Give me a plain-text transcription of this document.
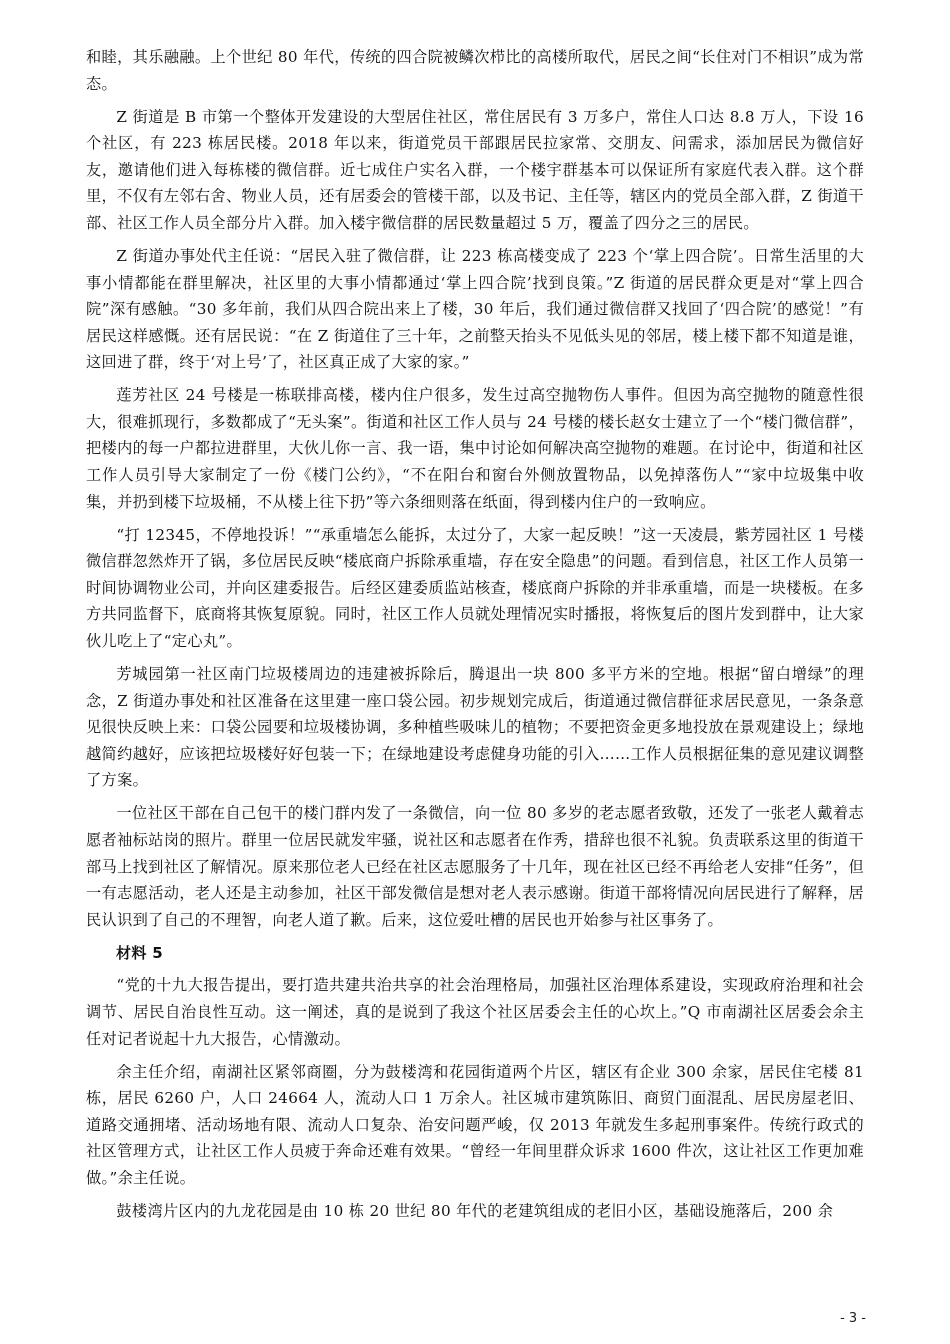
和睦，其乐融融。上个世纪 80 年代，传统的四合院被鳞次栉比的高楼所取代，居民之间“长住对门不相识”成为常态。

Z 街道是 B 市第一个整体开发建设的大型居住社区，常住居民有 3 万多户，常住人口达 8.8 万人，下设 16 个社区，有 223 栋居民楼。2018 年以来，街道党员干部跟居民拉家常、交朋友、问需求，添加居民为微信好友，邀请他们进入每栋楼的微信群。近七成住户实名入群，一个楼宇群基本可以保证所有家庭代表入群。这个群里，不仅有左邻右舍、物业人员，还有居委会的管楼干部，以及书记、主任等，辖区内的党员全部入群，Z 街道干部、社区工作人员全部分片入群。加入楼宇微信群的居民数量超过 5 万，覆盖了四分之三的居民。

Z 街道办事处代主任说：“居民入驻了微信群，让 223 栋高楼变成了 223 个‘掌上四合院’。日常生活里的大事小情都能在群里解决，社区里的大事小情都通过‘掌上四合院’找到良策。”Z 街道的居民群众更是对“掌上四合院”深有感触。“30 多年前，我们从四合院出来上了楼，30 年后，我们通过微信群又找回了‘四合院’的感觉！”有居民这样感慨。还有居民说：“在 Z 街道住了三十年，之前整天抬头不见低头见的邻居，楼上楼下都不知道是谁，这回进了群，终于‘对上号’了，社区真正成了大家的家。”

莲芳社区 24 号楼是一栋联排高楼，楼内住户很多，发生过高空抛物伤人事件。但因为高空抛物的随意性很大，很难抓现行，多数都成了“无头案”。街道和社区工作人员与 24 号楼的楼长赵女士建立了一个“楼门微信群”，把楼内的每一户都拉进群里，大伙儿你一言、我一语，集中讨论如何解决高空抛物的难题。在讨论中，街道和社区工作人员引导大家制定了一份《楼门公约》，“不在阳台和窗台外侧放置物品，以免掉落伤人”“家中垃圾集中收集，并扔到楼下垃圾桶，不从楼上往下扔”等六条细则落在纸面，得到楼内住户的一致响应。

“打 12345，不停地投诉！”“承重墙怎么能拆，太过分了，大家一起反映！”这一天凌晨，紫芳园社区 1 号楼微信群忽然炸开了锅，多位居民反映“楼底商户拆除承重墙，存在安全隐患”的问题。看到信息，社区工作人员第一时间协调物业公司，并向区建委报告。后经区建委质监站核查，楼底商户拆除的并非承重墙，而是一块楼板。在多方共同监督下，底商将其恢复原貌。同时，社区工作人员就处理情况实时播报，将恢复后的图片发到群中，让大家伙儿吃上了“定心丸”。

芳城园第一社区南门垃圾楼周边的违建被拆除后，腾退出一块 800 多平方米的空地。根据“留白增绿”的理念，Z 街道办事处和社区准备在这里建一座口袋公园。初步规划完成后，街道通过微信群征求居民意见，一条条意见很快反映上来：口袋公园要和垃圾楼协调，多种植些吸味儿的植物；不要把资金更多地投放在景观建设上；绿地越简约越好，应该把垃圾楼好好包装一下；在绿地建设考虑健身功能的引入……工作人员根据征集的意见建议调整了方案。

一位社区干部在自己包干的楼门群内发了一条微信，向一位 80 多岁的老志愿者致敬，还发了一张老人戴着志愿者袖标站岗的照片。群里一位居民就发牢骚，说社区和志愿者在作秀，措辞也很不礼貌。负责联系这里的街道干部马上找到社区了解情况。原来那位老人已经在社区志愿服务了十几年，现在社区已经不再给老人安排“任务”，但一有志愿活动，老人还是主动参加，社区干部发微信是想对老人表示感谢。街道干部将情况向居民进行了解释，居民认识到了自己的不理智，向老人道了歉。后来，这位爱吐槽的居民也开始参与社区事务了。

材料 5

“党的十九大报告提出，要打造共建共治共享的社会治理格局，加强社区治理体系建设，实现政府治理和社会调节、居民自治良性互动。这一阐述，真的是说到了我这个社区居委会主任的心坎上。”Q 市南湖社区居委会余主任对记者说起十九大报告，心情激动。

余主任介绍，南湖社区紧邻商圈，分为鼓楼湾和花园街道两个片区，辖区有企业 300 余家，居民住宅楼 81 栋，居民 6260 户，人口 24664 人，流动人口 1 万余人。社区城市建筑陈旧、商贸门面混乱、居民房屋老旧、道路交通拥堵、活动场地有限、流动人口复杂、治安问题严峻，仅 2013 年就发生多起刑事案件。传统行政式的社区管理方式，让社区工作人员疲于奔命还难有效果。“曾经一年间里群众诉求 1600 件次，这让社区工作更加难做。”余主任说。

鼓楼湾片区内的九龙花园是由 10 栋 20 世纪 80 年代的老建筑组成的老旧小区，基础设施落后，200 余

- 3 -
